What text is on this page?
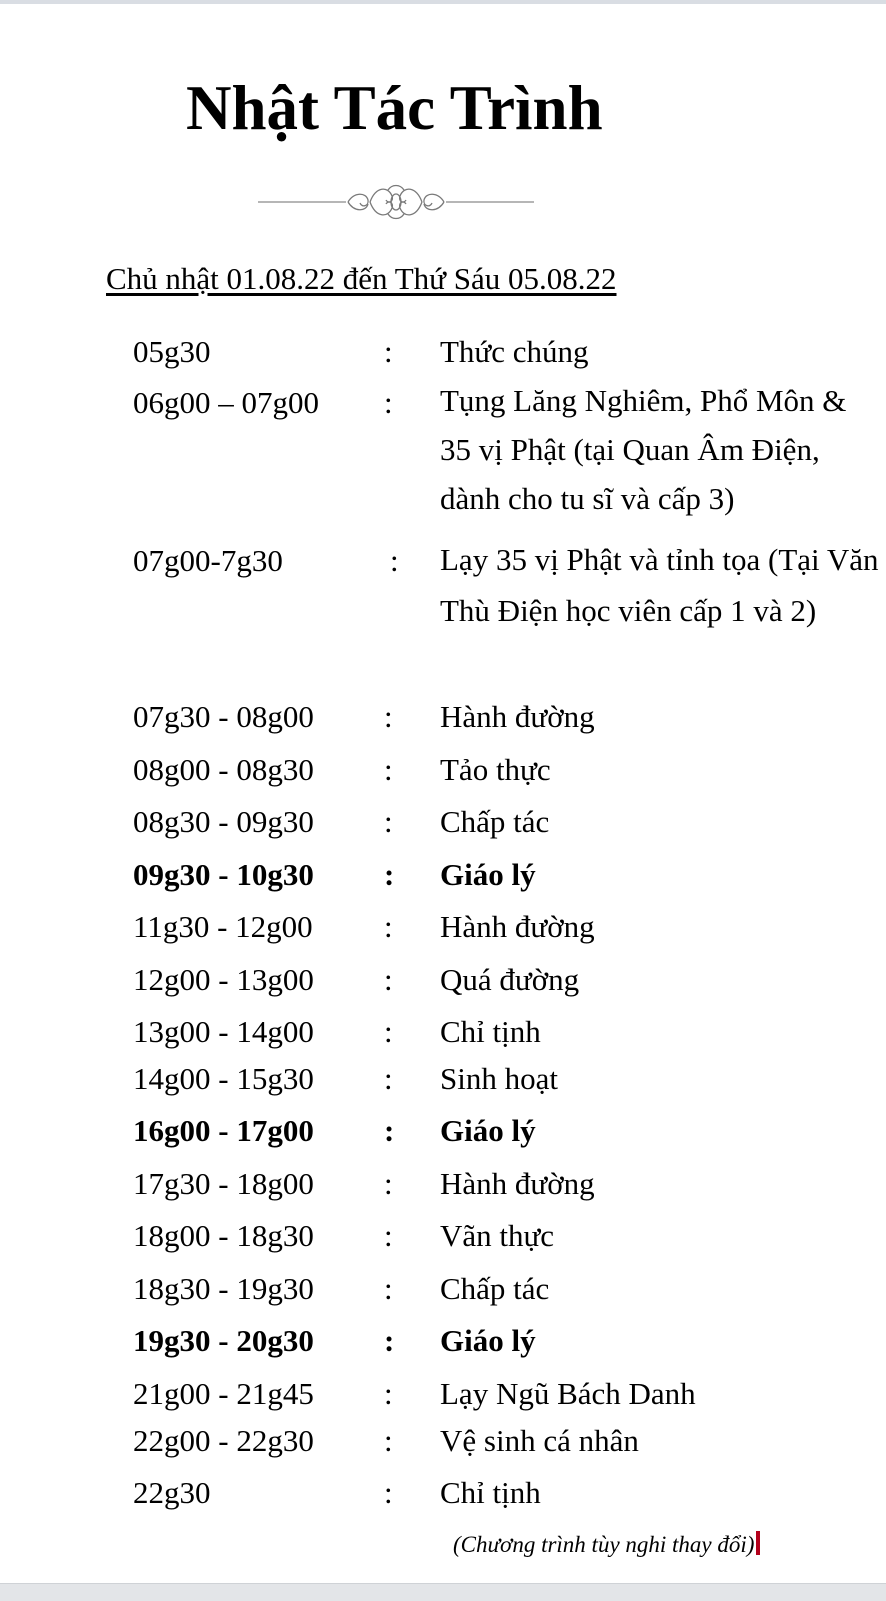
Nhật Tác Trình
Chủ nhật 01.08.22 đến Thứ Sáu 05.08.22
05g30	: Thức chúng
06g00 – 07g00 : Tụng Lăng Nghiêm, Phổ Môn & 35 vị Phật (tại Quan Âm Điện, dành cho tu sĩ và cấp 3)
07g00-7g30	: Lạy 35 vị Phật và tỉnh tọa (Tại Văn Thù Điện học viên cấp 1 và 2)
07g30 - 08g00 : Hành đường
08g00 - 08g30 : Tảo thực
08g30 - 09g30 : Chấp tác
09g30 - 10g30 : Giáo lý
11g30 - 12g00 : Hành đường
12g00 - 13g00 : Quá đường
13g00 - 14g00 : Chỉ tịnh
14g00 - 15g30 : Sinh hoạt
16g00 - 17g00 : Giáo lý
17g30 - 18g00 : Hành đường
18g00 - 18g30 : Vãn thực
18g30 - 19g30 : Chấp tác
19g30 - 20g30 : Giáo lý
21g00 - 21g45 : Lạy Ngũ Bách Danh
22g00 - 22g30 : Vệ sinh cá nhân
22g30	: Chỉ tịnh
(Chương trình tùy nghi thay đổi)
